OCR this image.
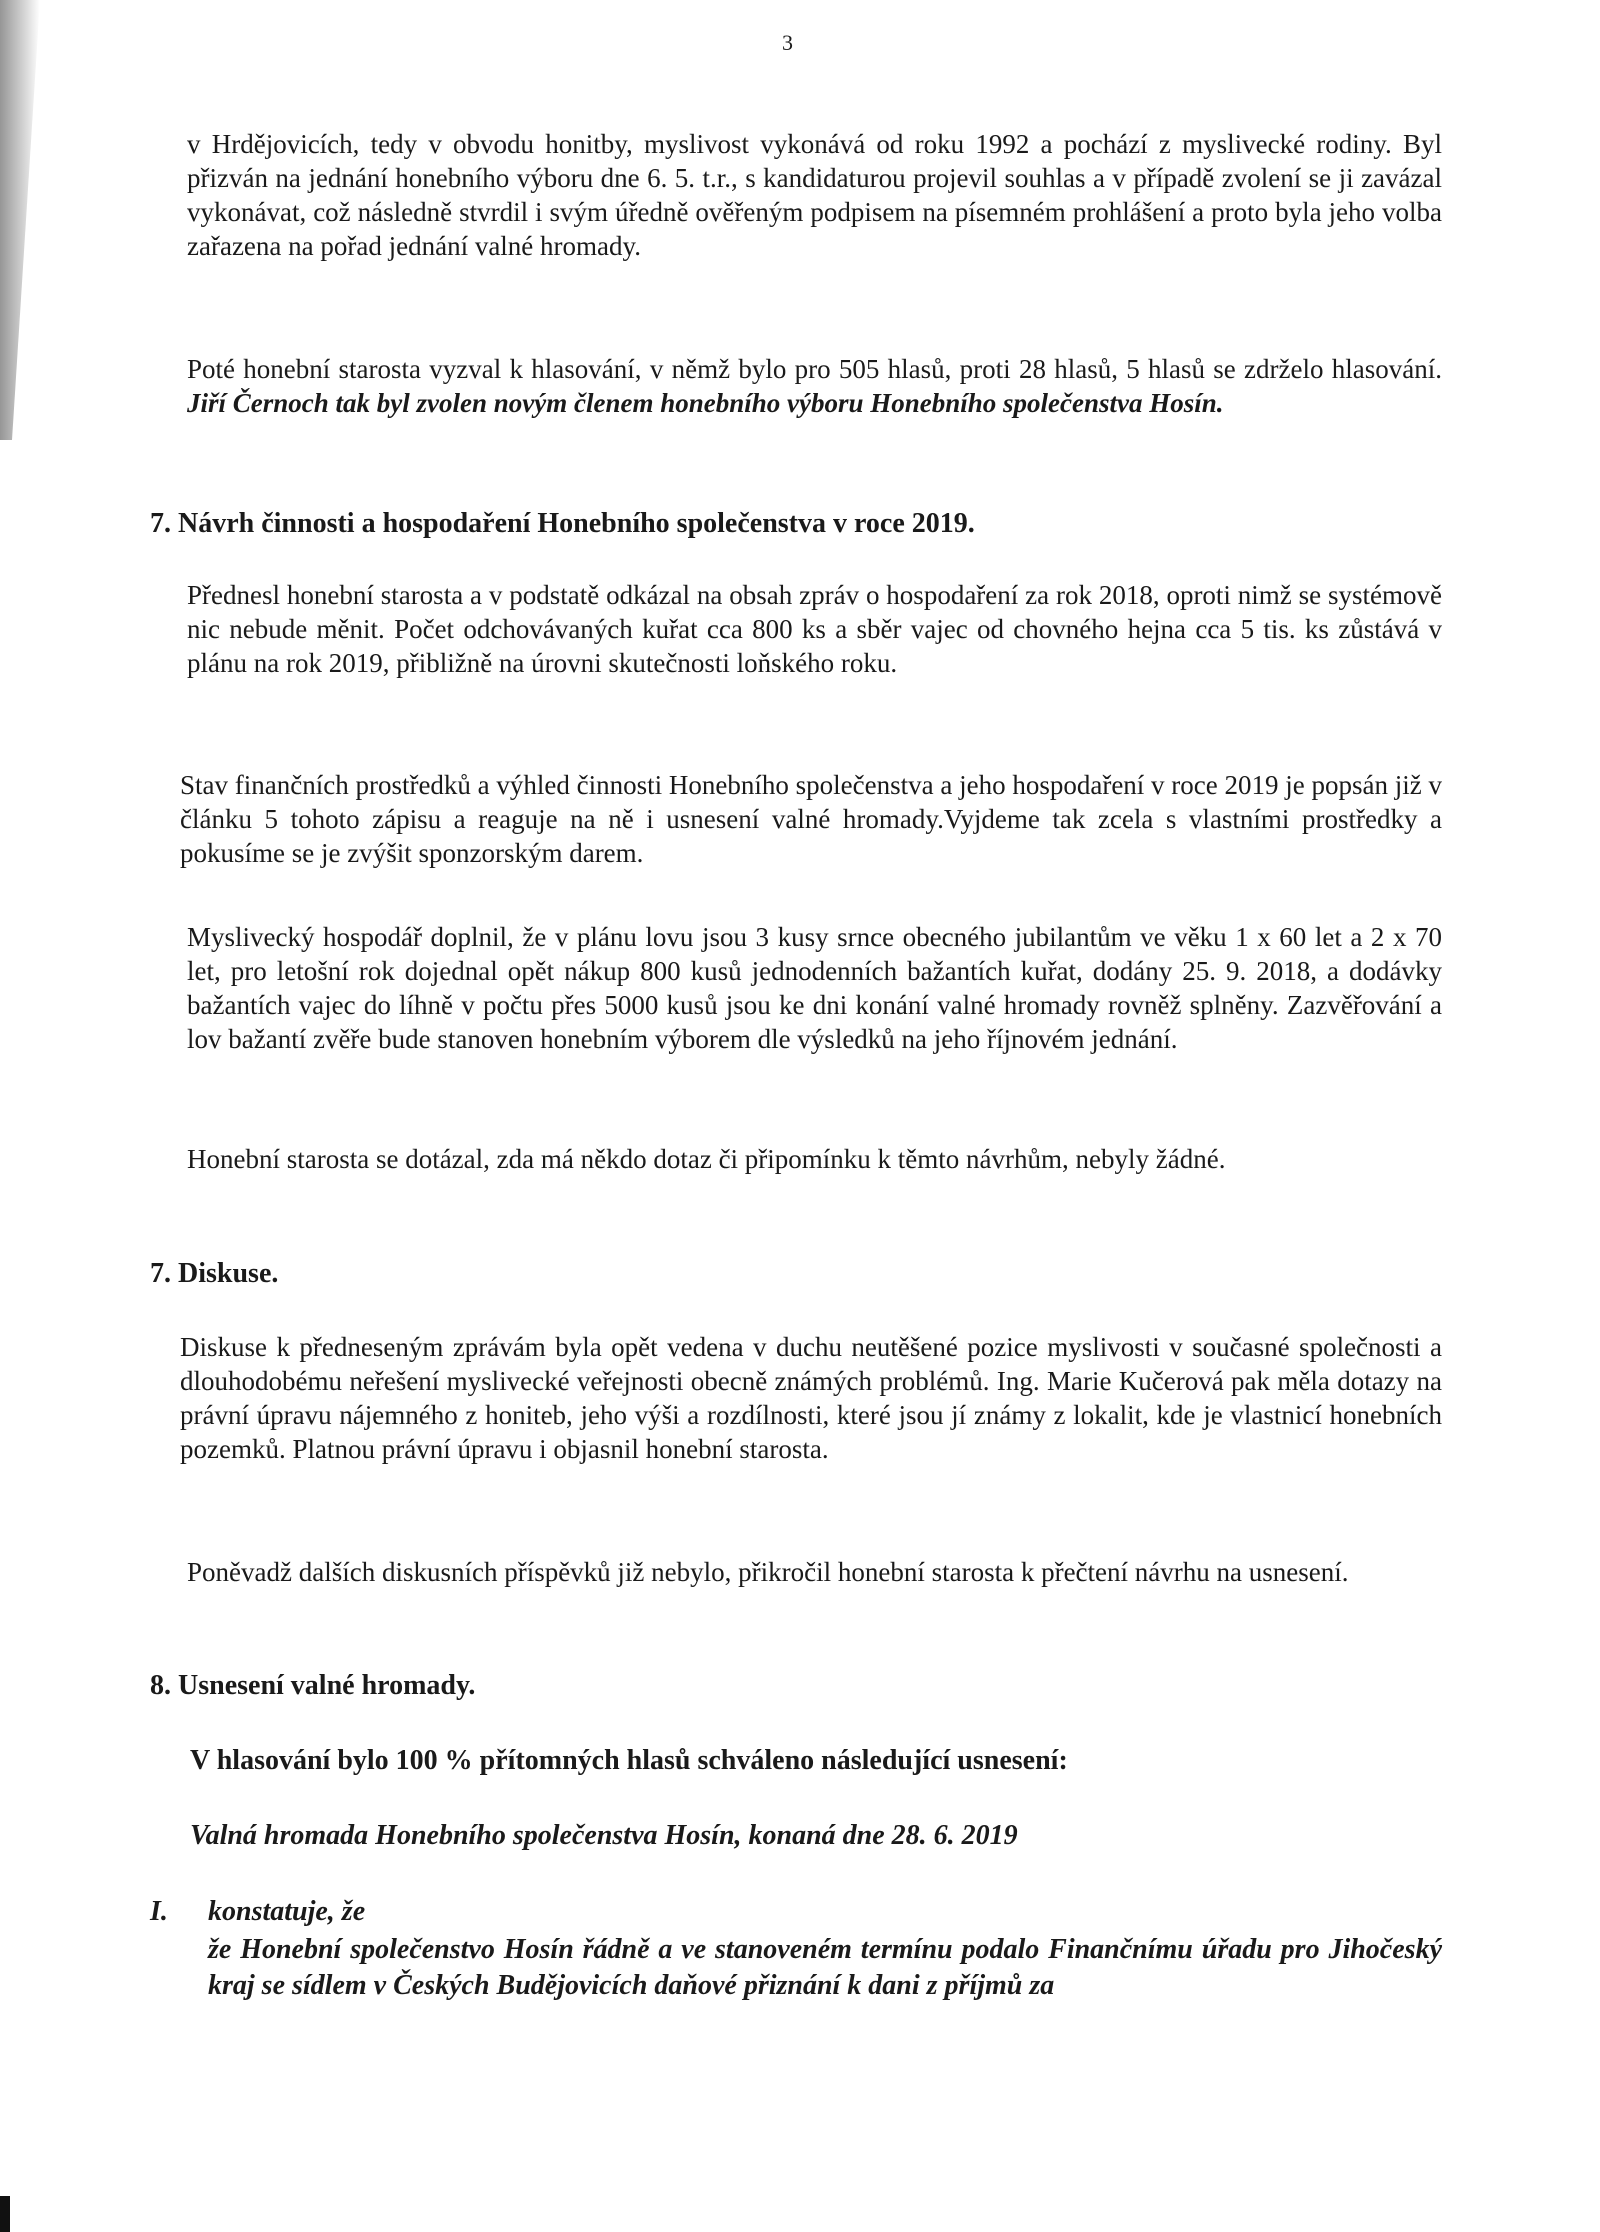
3

v Hrdějovicích, tedy v obvodu honitby, myslivost vykonává od roku 1992 a pochází z myslivecké rodiny. Byl přizván na jednání honebního výboru dne 6. 5. t.r., s kandidaturou projevil souhlas a v případě zvolení se ji zavázal vykonávat, což následně stvrdil i svým úředně ověřeným podpisem na písemném prohlášení a proto byla jeho volba zařazena na pořad jednání valné hromady.

Poté honební starosta vyzval k hlasování, v němž bylo pro 505 hlasů, proti 28 hlasů, 5 hlasů se zdrželo hlasování. Jiří Černoch tak byl zvolen novým členem honebního výboru Honebního společenstva Hosín.

7. Návrh činnosti a hospodaření Honebního společenstva v roce 2019.

Přednesl honební starosta a v podstatě odkázal na obsah zpráv o hospodaření za rok 2018, oproti nimž se systémově nic nebude měnit. Počet odchovávaných kuřat cca 800 ks a sběr vajec od chovného hejna cca 5 tis. ks zůstává v plánu na rok 2019, přibližně na úrovni skutečnosti loňského roku.

Stav finančních prostředků a výhled činnosti Honebního společenstva a jeho hospodaření v roce 2019 je popsán již v článku 5 tohoto zápisu a reaguje na ně i usnesení valné hromady.Vyjdeme tak zcela s vlastními prostředky a pokusíme se je zvýšit sponzorským darem.

Myslivecký hospodář doplnil, že v plánu lovu jsou 3 kusy srnce obecného jubilantům ve věku 1 x 60 let a 2 x 70 let, pro letošní rok dojednal opět nákup 800 kusů jednodenních bažantích kuřat, dodány 25. 9. 2018, a dodávky bažantích vajec do líhně v počtu přes 5000 kusů jsou ke dni konání valné hromady rovněž splněny. Zazvěřování a lov bažantí zvěře bude stanoven honebním výborem dle výsledků na jeho říjnovém jednání.

Honební starosta se dotázal, zda má někdo dotaz či připomínku k těmto návrhům, nebyly žádné.

7. Diskuse.

Diskuse k předneseným zprávám byla opět vedena v duchu neutěšené pozice myslivosti v současné společnosti a dlouhodobému neřešení myslivecké veřejnosti obecně známých problémů. Ing. Marie Kučerová pak měla dotazy na právní úpravu nájemného z honiteb, jeho výši a rozdílnosti, které jsou jí známy z lokalit, kde je vlastnicí honebních pozemků. Platnou právní úpravu i objasnil honební starosta.

Poněvadž dalších diskusních příspěvků již nebylo, přikročil honební starosta k přečtení návrhu na usnesení.

8. Usnesení valné hromady.

V hlasování bylo 100 % přítomných hlasů schváleno následující usnesení:

Valná hromada Honebního společenstva Hosín, konaná dne 28. 6. 2019

I. konstatuje, že

že Honební společenstvo Hosín řádně a ve stanoveném termínu podalo Finančnímu úřadu pro Jihočeský kraj se sídlem v Českých Budějovicích daňové přiznání k dani z příjmů za
